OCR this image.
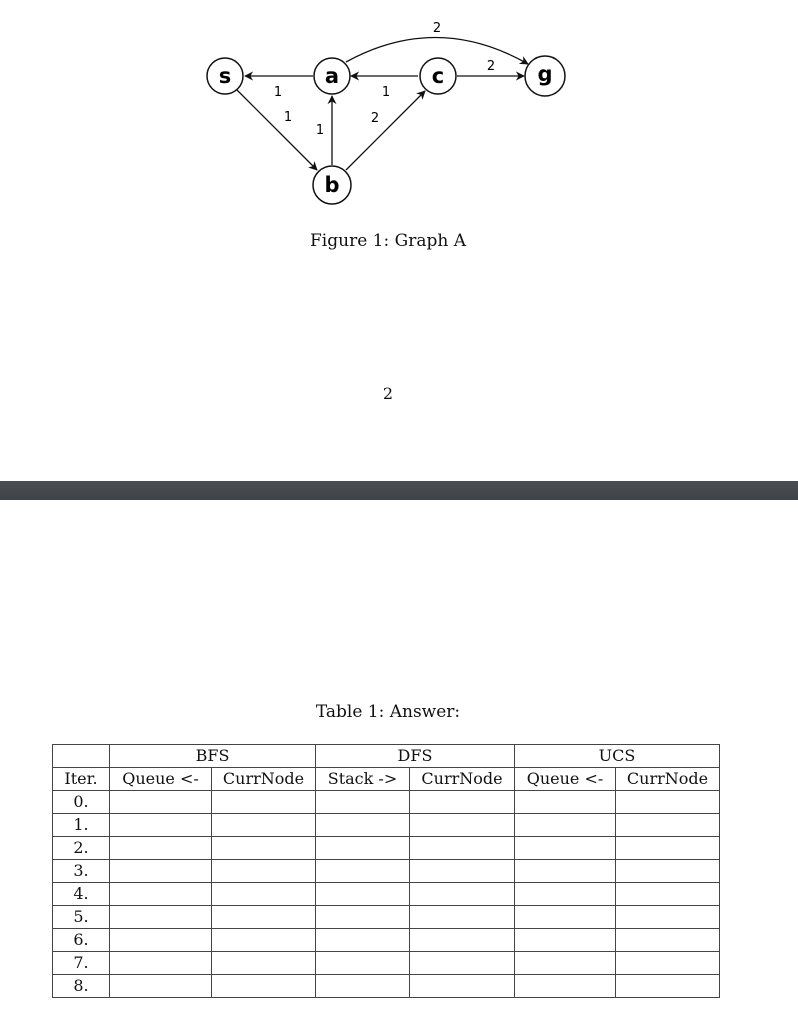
1	1
2
2
1
1
2
s	a	c	g
b
Figure 1: Graph A
2
Table 1: Answer:
	BFS		DFS		UCS	
Iter.	Queue <-	CurrNode	Stack ->	CurrNode	Queue <-	CurrNode
0.						
1.						
2.						
3.						
4.						
5.						
6.						
7.						
8.						
